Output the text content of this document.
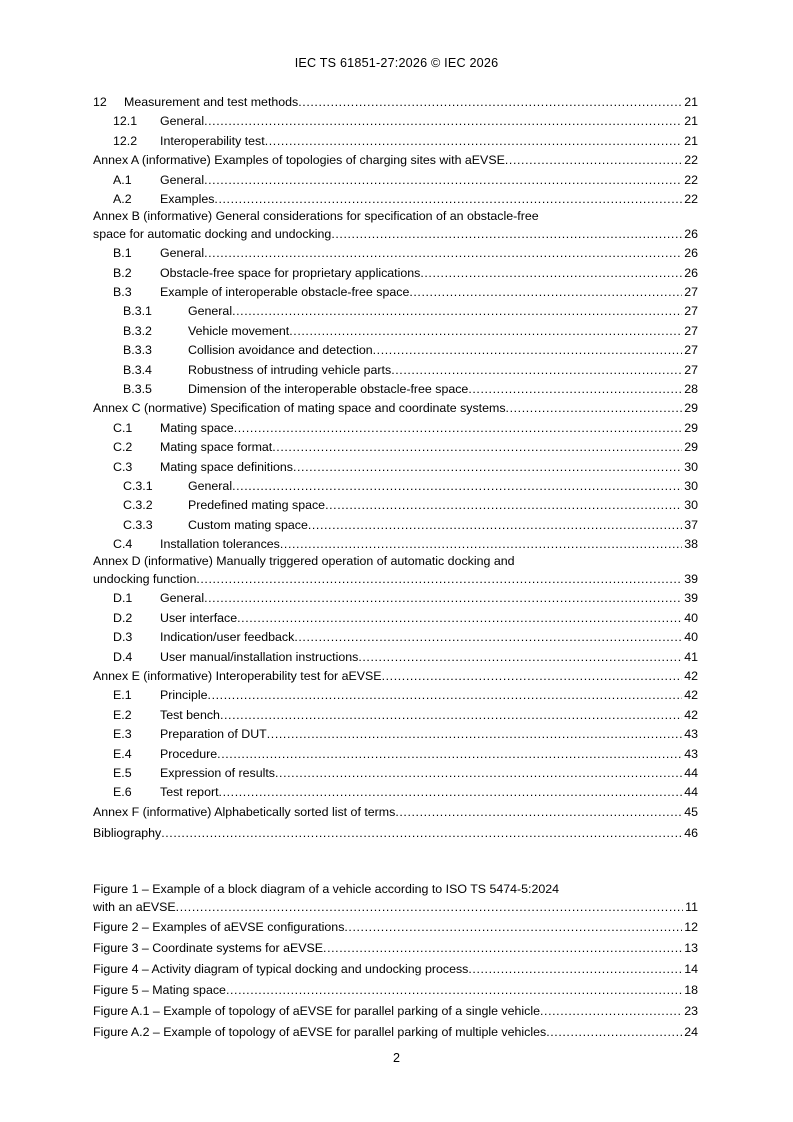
IEC TS 61851-27:2026 © IEC 2026
12	Measurement and test methods .....	21
12.1	General .....	21
12.2	Interoperability test .....	21
Annex A (informative) Examples of topologies of charging sites with aEVSE .....	22
A.1	General .....	22
A.2	Examples .....	22
Annex B (informative) General considerations for specification of an obstacle-free
space for automatic docking and undocking .....	26
B.1	General .....	26
B.2	Obstacle-free space for proprietary applications .....	26
B.3	Example of interoperable obstacle-free space .....	27
B.3.1	General .....	27
B.3.2	Vehicle movement .....	27
B.3.3	Collision avoidance and detection .....	27
B.3.4	Robustness of intruding vehicle parts .....	27
B.3.5	Dimension of the interoperable obstacle-free space .....	28
Annex C (normative) Specification of mating space and coordinate systems .....	29
C.1	Mating space .....	29
C.2	Mating space format .....	29
C.3	Mating space definitions .....	30
C.3.1	General .....	30
C.3.2	Predefined mating space .....	30
C.3.3	Custom mating space .....	37
C.4	Installation tolerances .....	38
Annex D (informative) Manually triggered operation of automatic docking and
undocking function .....	39
D.1	General .....	39
D.2	User interface .....	40
D.3	Indication/user feedback .....	40
D.4	User manual/installation instructions .....	41
Annex E (informative) Interoperability test for aEVSE .....	42
E.1	Principle .....	42
E.2	Test bench .....	42
E.3	Preparation of DUT .....	43
E.4	Procedure .....	43
E.5	Expression of results .....	44
E.6	Test report .....	44
Annex F (informative) Alphabetically sorted list of terms .....	45
Bibliography .....	46
Figure 1 – Example of a block diagram of a vehicle according to ISO TS 5474-5:2024
with an aEVSE .....	11
Figure 2 – Examples of aEVSE configurations .....	12
Figure 3 – Coordinate systems for aEVSE .....	13
Figure 4 – Activity diagram of typical docking and undocking process .....	14
Figure 5 – Mating space .....	18
Figure A.1 – Example of topology of aEVSE for parallel parking of a single vehicle .....	23
Figure A.2 – Example of topology of aEVSE for parallel parking of multiple vehicles .....	24
2
